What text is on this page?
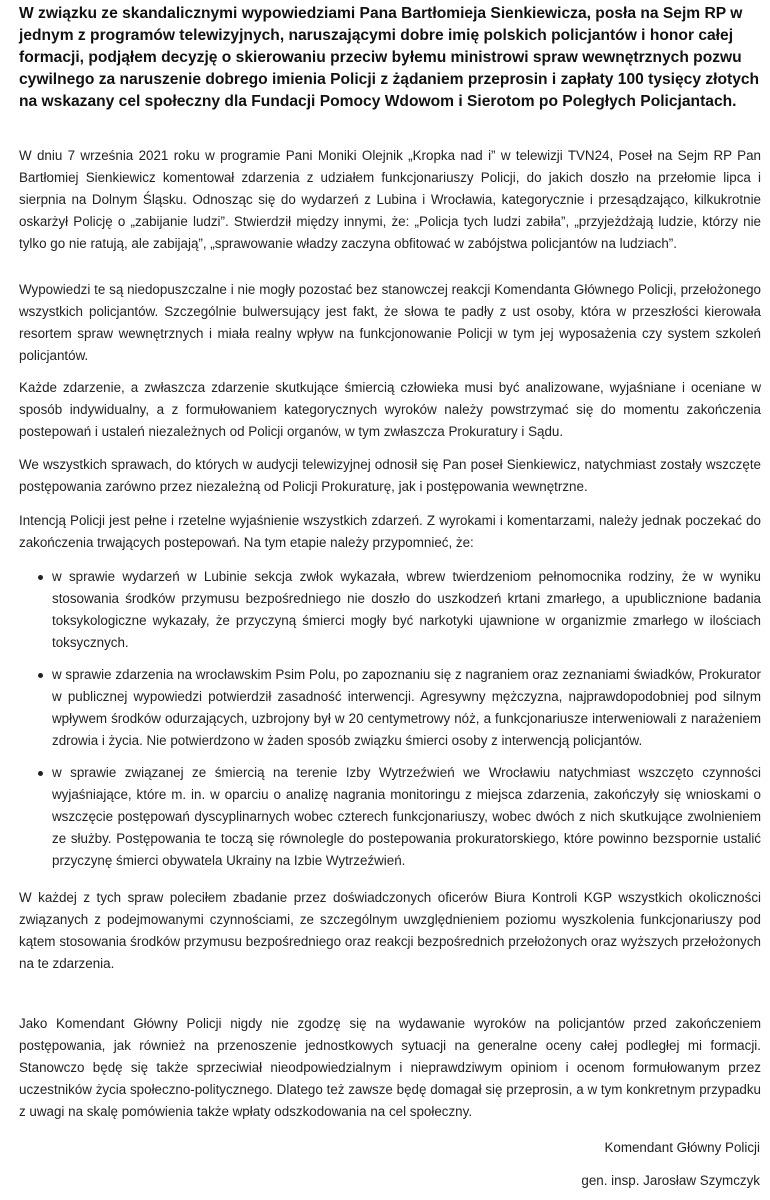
W związku ze skandalicznymi wypowiedziami Pana Bartłomieja Sienkiewicza, posła na Sejm RP w jednym z programów telewizyjnych, naruszającymi dobre imię polskich policjantów i honor całej formacji, podjąłem decyzję o skierowaniu przeciw byłemu ministrowi spraw wewnętrznych pozwu cywilnego za naruszenie dobrego imienia Policji z żądaniem przeprosin i zapłaty 100 tysięcy złotych na wskazany cel społeczny dla Fundacji Pomocy Wdowom i Sierotom po Poległych Policjantach.

W dniu 7 września 2021 roku w programie Pani Moniki Olejnik „Kropka nad i” w telewizji TVN24, Poseł na Sejm RP Pan Bartłomiej Sienkiewicz komentował zdarzenia z udziałem funkcjonariuszy Policji, do jakich doszło na przełomie lipca i sierpnia na Dolnym Śląsku. Odnosząc się do wydarzeń z Lubina i Wrocławia, kategorycznie i przesądzająco, kilkukrotnie oskarżył Policję o „zabijanie ludzi”. Stwierdził między innymi, że: „Policja tych ludzi zabiła”, „przyjeżdżają ludzie, którzy nie tylko go nie ratują, ale zabijają”, „sprawowanie władzy zaczyna obfitować w zabójstwa policjantów na ludziach”.

Wypowiedzi te są niedopuszczalne i nie mogły pozostać bez stanowczej reakcji Komendanta Głównego Policji, przełożonego wszystkich policjantów. Szczególnie bulwersujący jest fakt, że słowa te padły z ust osoby, która w przeszłości kierowała resortem spraw wewnętrznych i miała realny wpływ na funkcjonowanie Policji w tym jej wyposażenia czy system szkoleń policjantów.

Każde zdarzenie, a zwłaszcza zdarzenie skutkujące śmiercią człowieka musi być analizowane, wyjaśniane i oceniane w sposób indywidualny, a z formułowaniem kategorycznych wyroków należy powstrzymać się do momentu zakończenia postepowań i ustaleń niezależnych od Policji organów, w tym zwłaszcza Prokuratury i Sądu.

We wszystkich sprawach, do których w audycji telewizyjnej odnosił się Pan poseł Sienkiewicz, natychmiast zostały wszczęte postępowania zarówno przez niezależną od Policji Prokuraturę, jak i postępowania wewnętrzne.

Intencją Policji jest pełne i rzetelne wyjaśnienie wszystkich zdarzeń. Z wyrokami i komentarzami, należy jednak poczekać do zakończenia trwających postepowań. Na tym etapie należy przypomnieć, że:

w sprawie wydarzeń w Lubinie sekcja zwłok wykazała, wbrew twierdzeniom pełnomocnika rodziny, że w wyniku stosowania środków przymusu bezpośredniego nie doszło do uszkodzeń krtani zmarłego, a upublicznione badania toksykologiczne wykazały, że przyczyną śmierci mogły być narkotyki ujawnione w organizmie zmarłego w ilościach toksycznych.
w sprawie zdarzenia na wrocławskim Psim Polu, po zapoznaniu się z nagraniem oraz zeznaniami świadków, Prokurator w publicznej wypowiedzi potwierdził zasadność interwencji. Agresywny mężczyzna, najprawdopodobniej pod silnym wpływem środków odurzających, uzbrojony był w 20 centymetrowy nóż, a funkcjonariusze interweniowali z narażeniem zdrowia i życia. Nie potwierdzono w żaden sposób związku śmierci osoby z interwencją policjantów.
w sprawie związanej ze śmiercią na terenie Izby Wytrzeźwień we Wrocławiu natychmiast wszczęto czynności wyjaśniające, które m. in. w oparciu o analizę nagrania monitoringu z miejsca zdarzenia, zakończyły się wnioskami o wszczęcie postępowań dyscyplinarnych wobec czterech funkcjonariuszy, wobec dwóch z nich skutkujące zwolnieniem ze służby. Postępowania te toczą się równolegle do postepowania prokuratorskiego, które powinno bezspornie ustalić przyczynę śmierci obywatela Ukrainy na Izbie Wytrzeźwień.

W każdej z tych spraw poleciłem zbadanie przez doświadczonych oficerów Biura Kontroli KGP wszystkich okoliczności związanych z podejmowanymi czynnościami, ze szczególnym uwzględnieniem poziomu wyszkolenia funkcjonariuszy pod kątem stosowania środków przymusu bezpośredniego oraz reakcji bezpośrednich przełożonych oraz wyższych przełożonych na te zdarzenia.

Jako Komendant Główny Policji nigdy nie zgodzę się na wydawanie wyroków na policjantów przed zakończeniem postępowania, jak również na przenoszenie jednostkowych sytuacji na generalne oceny całej podległej mi formacji. Stanowczo będę się także sprzeciwiał nieodpowiedzialnym i nieprawdziwym opiniom i ocenom formułowanym przez uczestników życia społeczno-politycznego. Dlatego też zawsze będę domagał się przeprosin, a w tym konkretnym przypadku z uwagi na skalę pomówienia także wpłaty odszkodowania na cel społeczny.

Komendant Główny Policji

gen. insp. Jarosław Szymczyk
